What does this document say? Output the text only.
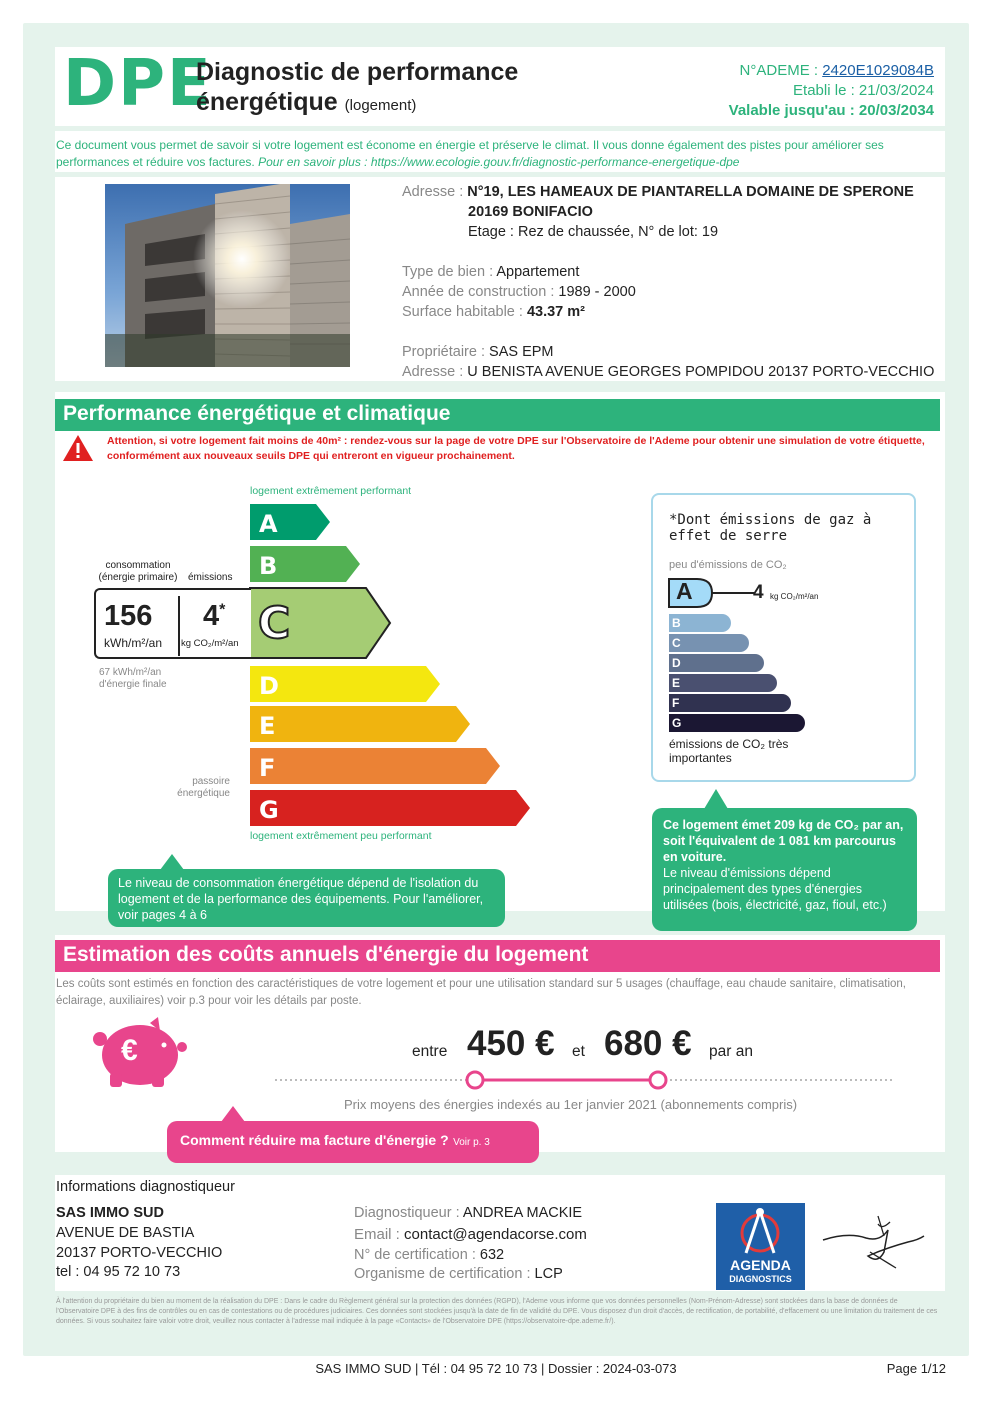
DPE
Diagnostic de performance
énergétique (logement)
N°ADEME : 2420E1029084B
Etabli le : 21/03/2024
Valable jusqu'au : 20/03/2034
Ce document vous permet de savoir si votre logement est économe en énergie et préserve le climat. Il vous donne également des pistes pour améliorer ses performances et réduire vos factures. Pour en savoir plus : https://www.ecologie.gouv.fr/diagnostic-performance-energetique-dpe
Adresse : N°19, LES HAMEAUX DE PIANTARELLA DOMAINE DE SPERONE
20169 BONIFACIO
Etage : Rez de chaussée, N° de lot: 19
Type de bien : Appartement
Année de construction : 1989 - 2000
Surface habitable : 43.37 m²
Propriétaire : SAS EPM
Adresse : U BENISTA AVENUE GEORGES POMPIDOU 20137 PORTO-VECCHIO
Performance énergétique et climatique
Attention, si votre logement fait moins de 40m² : rendez-vous sur la page de votre DPE sur l'Observatoire de l'Ademe pour obtenir une simulation de votre étiquette, conformément aux nouveaux seuils DPE qui entreront en vigueur prochainement.
logement extrêmement performant
logement extrêmement peu performant
A
B
C
D
E
F
G
consommation (énergie primaire) émissions
156
kWh/m²/an
4*
kg CO₂/m²/an
67 kWh/m²/an d'énergie finale
passoire énergétique
Le niveau de consommation énergétique dépend de l'isolation du logement et de la performance des équipements. Pour l'améliorer, voir pages 4 à 6
*Dont émissions de gaz à effet de serre
peu d'émissions de CO₂
B
C
D
E
F
G
A	4 kg CO₂/m²/an
émissions de CO₂ très importantes
Ce logement émet 209 kg de CO₂ par an, soit l'équivalent de 1 081 km parcourus en voiture.
Le niveau d'émissions dépend principalement des types d'énergies utilisées (bois, électricité, gaz, fioul, etc.)
Estimation des coûts annuels d'énergie du logement
Les coûts sont estimés en fonction des caractéristiques de votre logement et pour une utilisation standard sur 5 usages (chauffage, eau chaude sanitaire, climatisation, éclairage, auxiliaires) voir p.3 pour voir les détails par poste.
€	entre 450 € et 680 € par an
Prix moyens des énergies indexés au 1er janvier 2021 (abonnements compris)
Comment réduire ma facture d'énergie ? Voir p. 3
Informations diagnostiqueur
SAS IMMO SUD
AVENUE DE BASTIA
20137 PORTO-VECCHIO
tel : 04 95 72 10 73
Diagnostiqueur : ANDREA MACKIE
Email : contact@agendacorse.com
N° de certification : 632
Organisme de certification : LCP
AGENDA
DIAGNOSTICS
À l'attention du propriétaire du bien au moment de la réalisation du DPE : Dans le cadre du Règlement général sur la protection des données (RGPD), l'Ademe vous informe que vos données personnelles (Nom-Prénom-Adresse) sont stockées dans la base de données de l'Observatoire DPE à des fins de contrôles ou en cas de contestations ou de procédures judiciaires. Ces données sont stockées jusqu'à la date de fin de validité du DPE. Vous disposez d'un droit d'accès, de rectification, de portabilité, d'effacement ou une limitation du traitement de ces données. Si vous souhaitez faire valoir votre droit, veuillez nous contacter à l'adresse mail indiquée à la page «Contacts» de l'Observatoire DPE (https://observatoire-dpe.ademe.fr/).
SAS IMMO SUD | Tél : 04 95 72 10 73 | Dossier : 2024-03-073	Page 1/12
